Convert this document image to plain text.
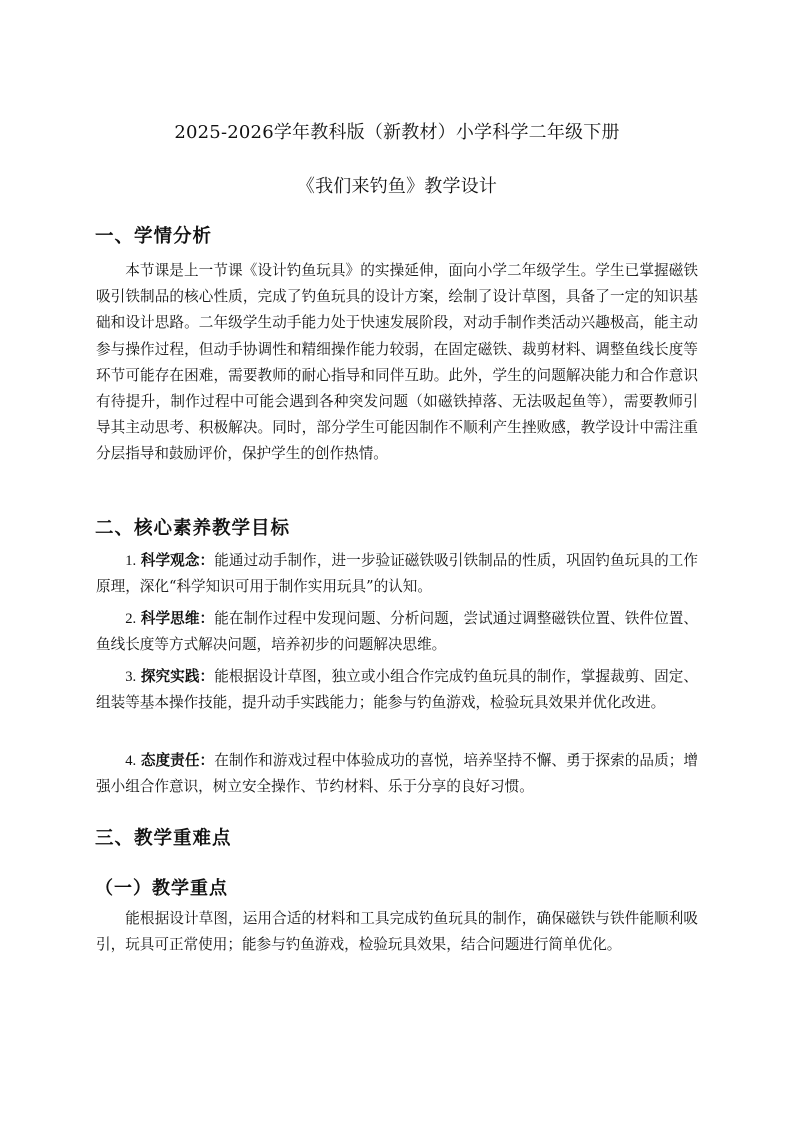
2025-2026学年教科版（新教材）小学科学二年级下册
《我们来钓鱼》教学设计
一、学情分析

本节课是上一节课《设计钓鱼玩具》的实操延伸，面向小学二年级学生。学生已掌握磁铁吸引铁制品的核心性质，完成了钓鱼玩具的设计方案，绘制了设计草图，具备了一定的知识基础和设计思路。二年级学生动手能力处于快速发展阶段，对动手制作类活动兴趣极高，能主动参与操作过程，但动手协调性和精细操作能力较弱，在固定磁铁、裁剪材料、调整鱼线长度等环节可能存在困难，需要教师的耐心指导和同伴互助。此外，学生的问题解决能力和合作意识有待提升，制作过程中可能会遇到各种突发问题（如磁铁掉落、无法吸起鱼等），需要教师引导其主动思考、积极解决。同时，部分学生可能因制作不顺利产生挫败感，教学设计中需注重分层指导和鼓励评价，保护学生的创作热情。

二、核心素养教学目标

1. 科学观念：能通过动手制作，进一步验证磁铁吸引铁制品的性质，巩固钓鱼玩具的工作原理，深化“科学知识可用于制作实用玩具”的认知。

2. 科学思维：能在制作过程中发现问题、分析问题，尝试通过调整磁铁位置、铁件位置、鱼线长度等方式解决问题，培养初步的问题解决思维。

3. 探究实践：能根据设计草图，独立或小组合作完成钓鱼玩具的制作，掌握裁剪、固定、组装等基本操作技能，提升动手实践能力；能参与钓鱼游戏，检验玩具效果并优化改进。

4. 态度责任：在制作和游戏过程中体验成功的喜悦，培养坚持不懈、勇于探索的品质；增强小组合作意识，树立安全操作、节约材料、乐于分享的良好习惯。

三、教学重难点
（一）教学重点

能根据设计草图，运用合适的材料和工具完成钓鱼玩具的制作，确保磁铁与铁件能顺利吸引，玩具可正常使用；能参与钓鱼游戏，检验玩具效果，结合问题进行简单优化。
